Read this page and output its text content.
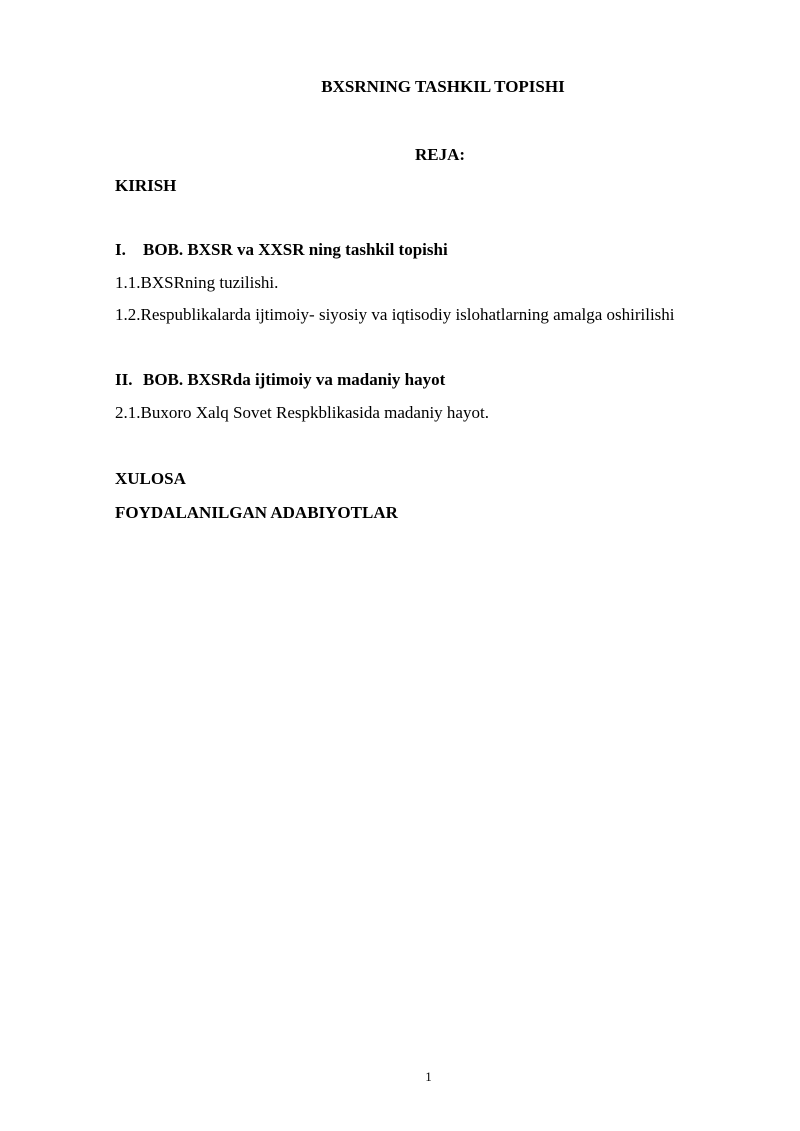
BXSRNING TASHKIL TOPISHI
REJA:
KIRISH
I. BOB. BXSR va XXSR ning tashkil topishi
1.1.BXSRning tuzilishi.
1.2.Respublikalarda ijtimoiy- siyosiy va iqtisodiy islohatlarning amalga oshirilishi
II. BOB. BXSRda ijtimoiy va madaniy hayot
2.1.Buxoro Xalq Sovet Respkblikasida madaniy hayot.
XULOSA
FOYDALANILGAN ADABIYOTLAR
1
